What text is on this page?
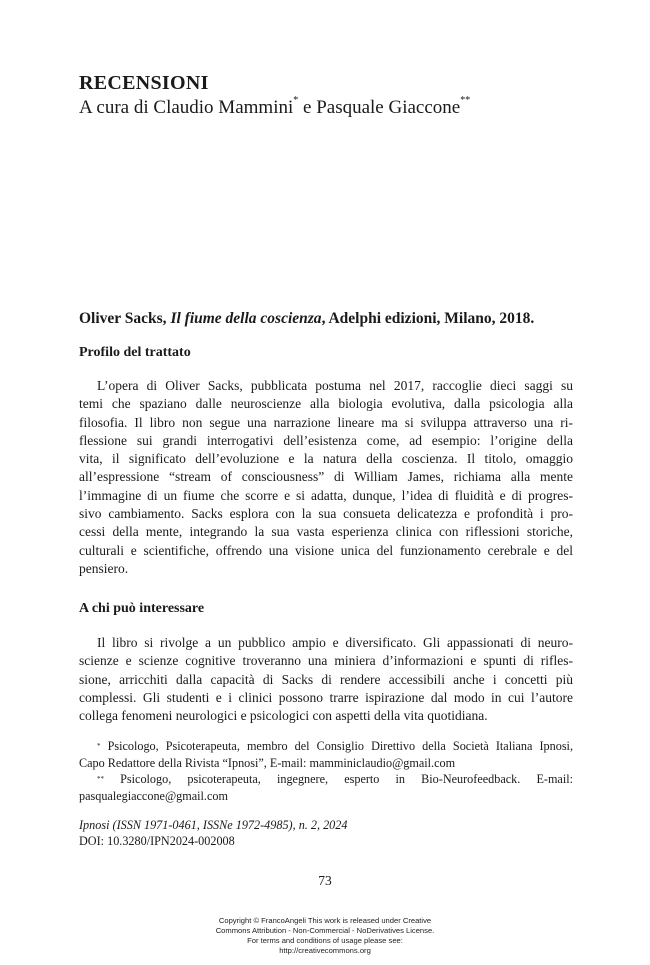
RECENSIONI
A cura di Claudio Mammini* e Pasquale Giaccone**
Oliver Sacks, Il fiume della coscienza, Adelphi edizioni, Milano, 2018.
Profilo del trattato
L’opera di Oliver Sacks, pubblicata postuma nel 2017, raccoglie dieci saggi su
temi che spaziano dalle neuroscienze alla biologia evolutiva, dalla psicologia alla
filosofia. Il libro non segue una narrazione lineare ma si sviluppa attraverso una ri-
flessione sui grandi interrogativi dell’esistenza come, ad esempio: l’origine della
vita, il significato dell’evoluzione e la natura della coscienza. Il titolo, omaggio
all’espressione “stream of consciousness” di William James, richiama alla mente
l’immagine di un fiume che scorre e si adatta, dunque, l’idea di fluidità e di progres-
sivo cambiamento. Sacks esplora con la sua consueta delicatezza e profondità i pro-
cessi della mente, integrando la sua vasta esperienza clinica con riflessioni storiche,
culturali e scientifiche, offrendo una visione unica del funzionamento cerebrale e del
pensiero.
A chi può interessare
Il libro si rivolge a un pubblico ampio e diversificato. Gli appassionati di neuro-
scienze e scienze cognitive troveranno una miniera d’informazioni e spunti di rifles-
sione, arricchiti dalla capacità di Sacks di rendere accessibili anche i concetti più
complessi. Gli studenti e i clinici possono trarre ispirazione dal modo in cui l’autore
collega fenomeni neurologici e psicologici con aspetti della vita quotidiana.
* Psicologo, Psicoterapeuta, membro del Consiglio Direttivo della Società Italiana Ipnosi,
Capo Redattore della Rivista “Ipnosi”, E-mail: mamminiclaudio@gmail.com
** Psicologo, psicoterapeuta, ingegnere, esperto in Bio-Neurofeedback. E-mail:
pasqualegiaccone@gmail.com
Ipnosi (ISSN 1971-0461, ISSNe 1972-4985), n. 2, 2024
DOI: 10.3280/IPN2024-002008
73
Copyright © FrancoAngeli This work is released under Creative
Commons Attribution - Non-Commercial - NoDerivatives License.
For terms and conditions of usage please see:
http://creativecommons.org
